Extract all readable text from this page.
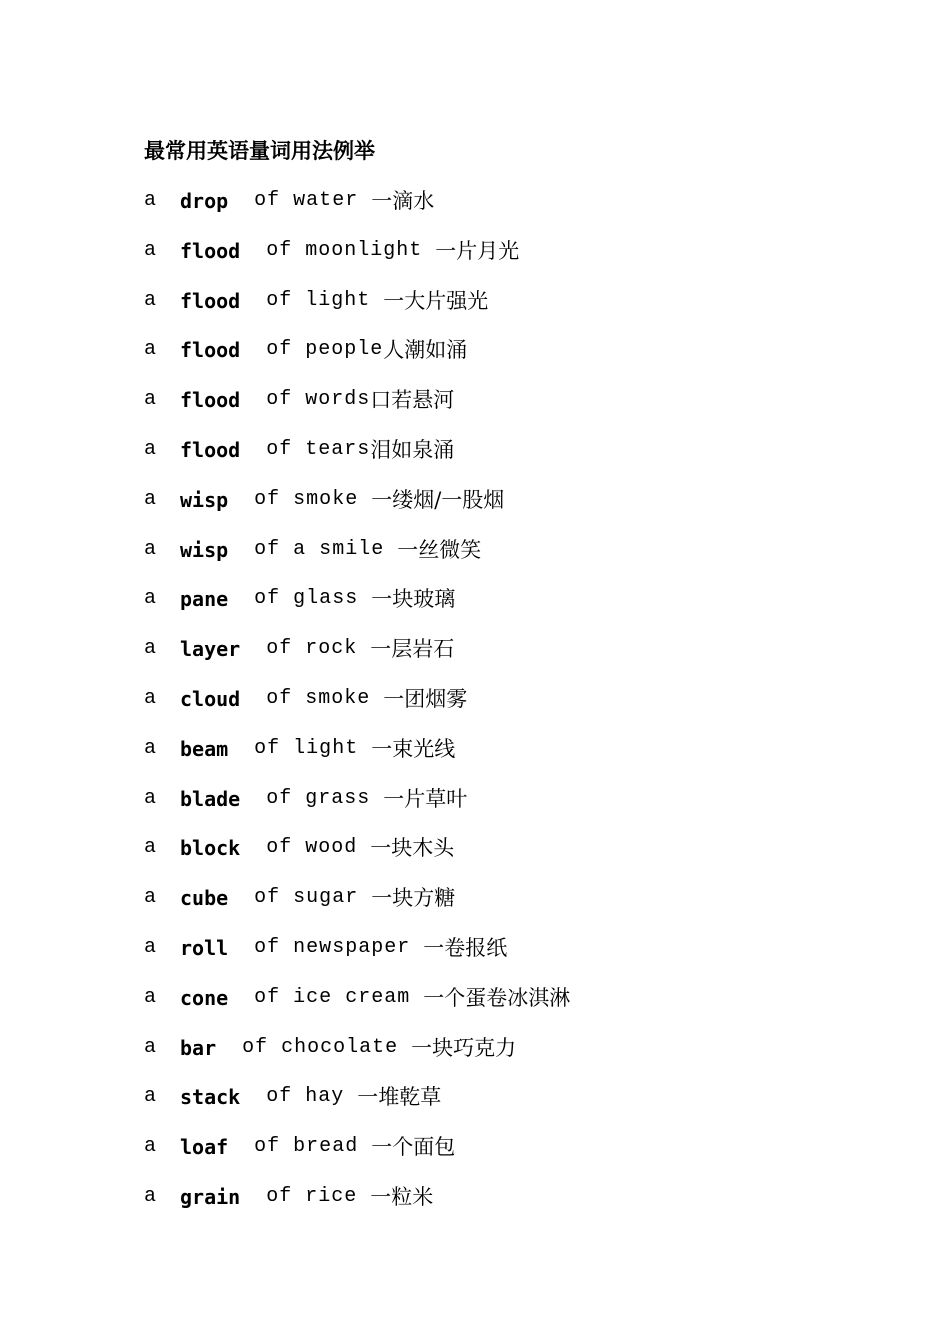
最常用英语量词用法例举
a	drop of water 一滴水
a	flood of moonlight 一片月光
a	flood of light 一大片强光
a	flood of people 人潮如涌
a	flood of words 口若悬河
a	flood of tears 泪如泉涌
a	wisp of smoke 一缕烟/一股烟
a	wisp of a smile 一丝微笑
a	pane of glass 一块玻璃
a	layer of rock 一层岩石
a	cloud of smoke 一团烟雾
a	beam of light 一束光线
a	blade of grass 一片草叶
a	block of wood 一块木头
a	cube of sugar 一块方糖
a	roll of newspaper 一卷报纸
a	cone of ice cream 一个蛋卷冰淇淋
a	bar of chocolate 一块巧克力
a	stack of hay 一堆乾草
a	loaf of bread 一个面包
a	grain of rice 一粒米
